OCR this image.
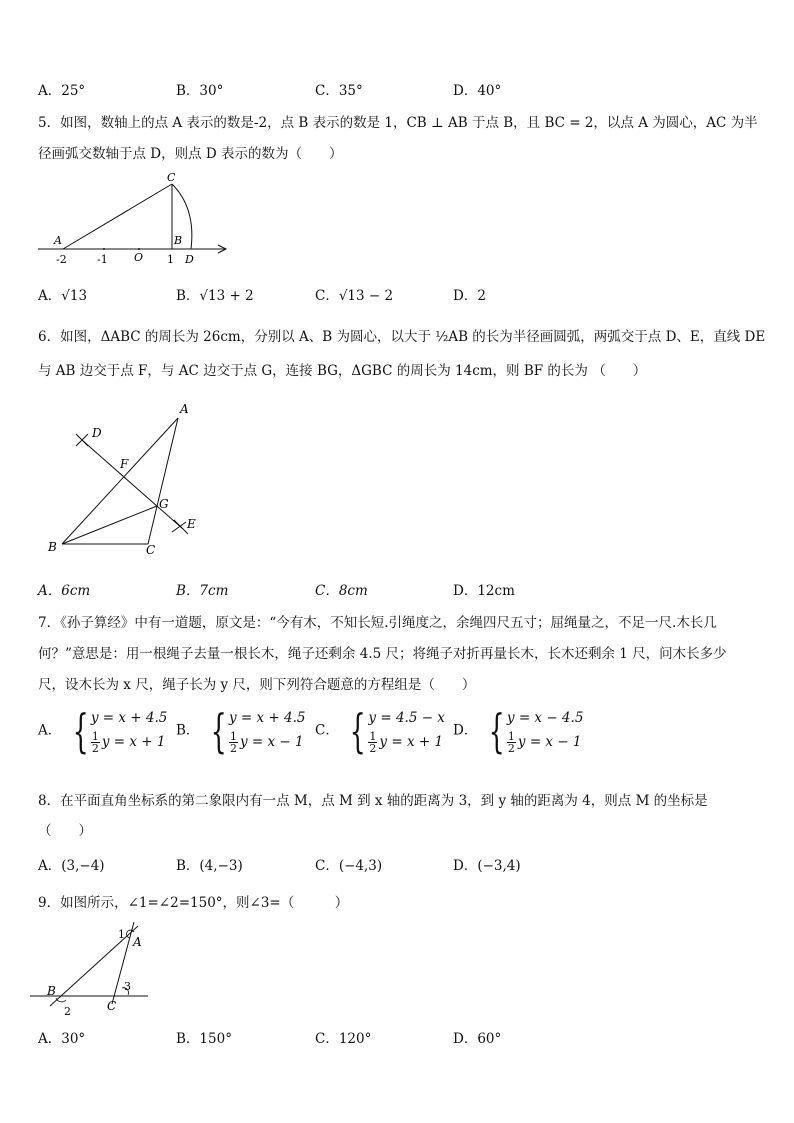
A．25°	B．30°	C．35°	D．40°
5．如图，数轴上的点 A 表示的数是-2，点 B 表示的数是 1，CB ⊥ AB 于点 B，且 BC = 2，以点 A 为圆心，AC 为半
径画弧交数轴于点 D，则点 D 表示的数为（　　）
A
C
B
D
O
-2	-1	1
A．√13	B．√13 + 2	C．√13 − 2	D．2
6．如图，ΔABC 的周长为 26cm，分别以 A、B 为圆心，以大于 ½AB 的长为半径画圆弧，两弧交于点 D、E，直线 DE
与 AB 边交于点 F，与 AC 边交于点 G，连接 BG，ΔGBC 的周长为 14cm，则 BF 的长为 （　　）
A
B	C
D
E
F
G
A．6cm	B．7cm	C．8cm	D．12cm
7．《孙子算经》中有一道题，原文是：“今有木，不知长短.引绳度之，余绳四尺五寸；屈绳量之，不足一尺.木长几
何？”意思是：用一根绳子去量一根长木，绳子还剩余 4.5 尺；将绳子对折再量长木，长木还剩余 1 尺，问木长多少
尺，设木长为 x 尺，绳子长为 y 尺，则下列符合题意的方程组是（　　）
A． { y = x + 4.5
$\frac{1}{2}$ y = x + 1
B． { y = x + 4.5
$\frac{1}{2}$ y = x − 1
C． { y = 4.5 − x
$\frac{1}{2}$ y = x + 1
D． { y = x − 4.5
$\frac{1}{2}$ y = x − 1
8．在平面直角坐标系的第二象限内有一点 M，点 M 到 x 轴的距离为 3，到 y 轴的距离为 4，则点 M 的坐标是
（　　）
A．(3,−4)	B．(4,−3)	C．(−4,3)	D．(−3,4)
9．如图所示，∠1=∠2=150°，则∠3=（　　　）
1
A
B
C
2
3
A．30°	B．150°	C．120°	D．60°
